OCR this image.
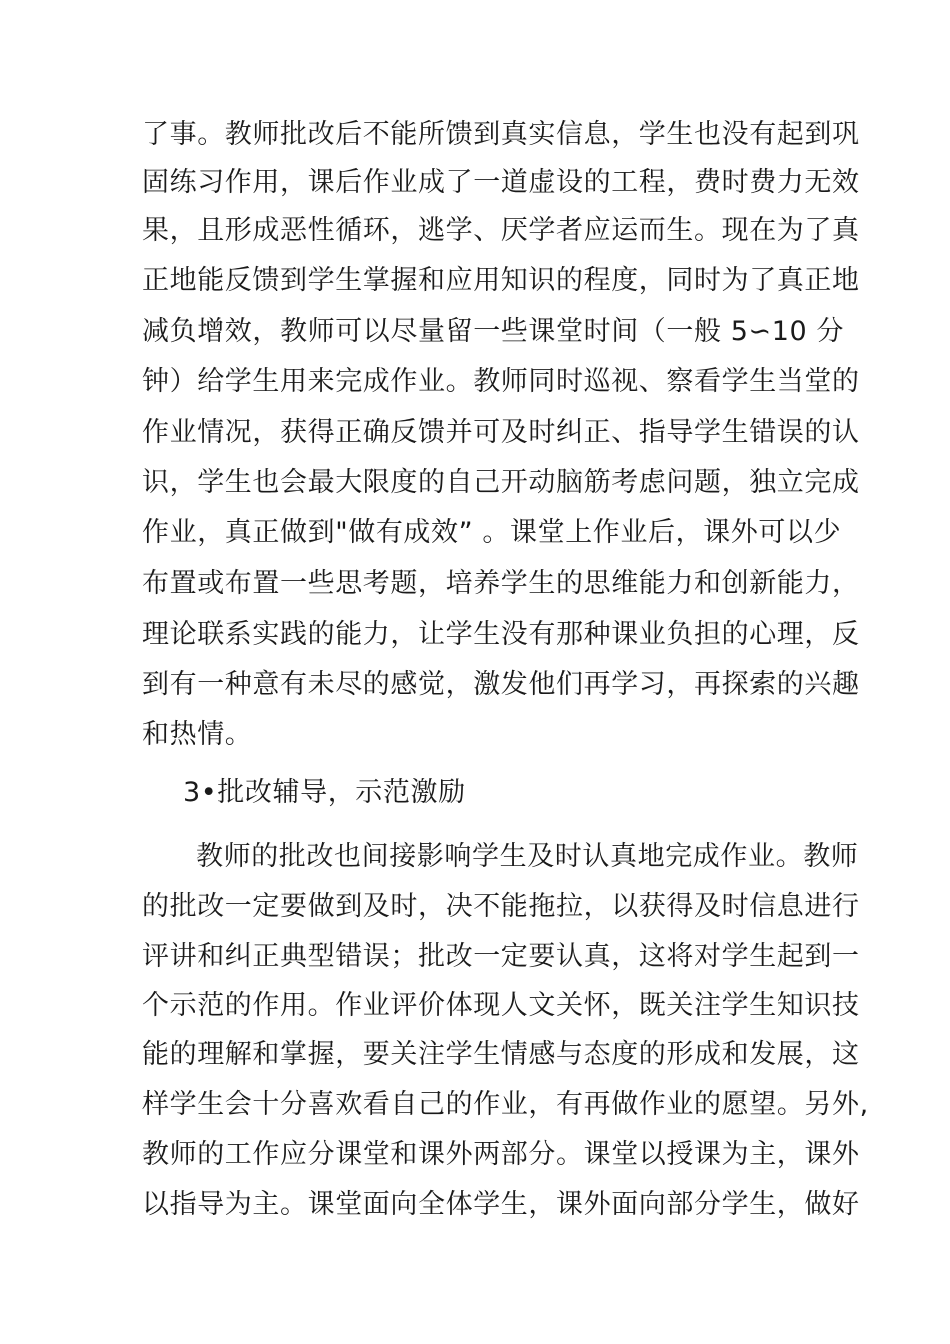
了事。教师批改后不能所馈到真实信息，学生也没有起到巩
固练习作用，课后作业成了一道虚设的工程，费时费力无效
果，且形成恶性循环，逃学、厌学者应运而生。现在为了真
正地能反馈到学生掌握和应用知识的程度，同时为了真正地
减负增效，教师可以尽量留一些课堂时间（一般 5∽10 分
钟）给学生用来完成作业。教师同时巡视、察看学生当堂的
作业情况，获得正确反馈并可及时纠正、指导学生错误的认
识，学生也会最大限度的自己开动脑筋考虑问题，独立完成
作业，真正做到"做有成效” 。课堂上作业后，课外可以少
布置或布置一些思考题，培养学生的思维能力和创新能力，
理论联系实践的能力，让学生没有那种课业负担的心理，反
到有一种意有未尽的感觉，激发他们再学习，再探索的兴趣
和热情。
3•批改辅导，示范激励
教师的批改也间接影响学生及时认真地完成作业。教师
的批改一定要做到及时，决不能拖拉，以获得及时信息进行
评讲和纠正典型错误；批改一定要认真，这将对学生起到一
个示范的作用。作业评价体现人文关怀，既关注学生知识技
能的理解和掌握，要关注学生情感与态度的形成和发展，这
样学生会十分喜欢看自己的作业，有再做作业的愿望。另外,
教师的工作应分课堂和课外两部分。课堂以授课为主，课外
以指导为主。课堂面向全体学生，课外面向部分学生，做好
